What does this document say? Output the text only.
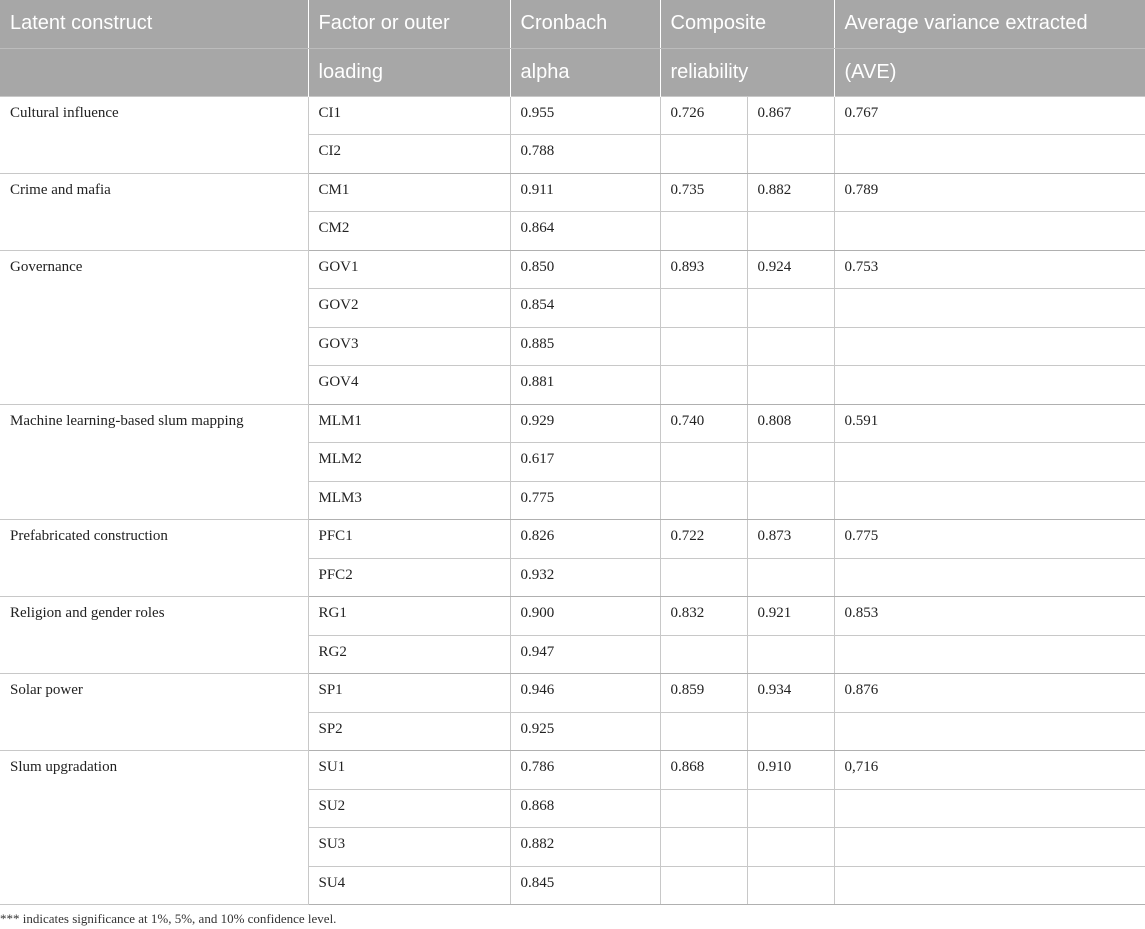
Latent construct	Factor or outer	Cronbach	Composite		Average variance extracted
	loading	alpha	reliability		(AVE)
Cultural influence	CI1	0.955	0.726	0.867	0.767
	CI2	0.788			
Crime and mafia	CM1	0.911	0.735	0.882	0.789
	CM2	0.864			
Governance	GOV1	0.850	0.893	0.924	0.753
	GOV2	0.854			
	GOV3	0.885			
	GOV4	0.881			
Machine learning-based slum mapping	MLM1	0.929	0.740	0.808	0.591
	MLM2	0.617			
	MLM3	0.775			
Prefabricated construction	PFC1	0.826	0.722	0.873	0.775
	PFC2	0.932			
Religion and gender roles	RG1	0.900	0.832	0.921	0.853
	RG2	0.947			
Solar power	SP1	0.946	0.859	0.934	0.876
	SP2	0.925			
Slum upgradation	SU1	0.786	0.868	0.910	0,716
	SU2	0.868			
	SU3	0.882			
	SU4	0.845			
*** indicates significance at 1%, 5%, and 10% confidence level.
